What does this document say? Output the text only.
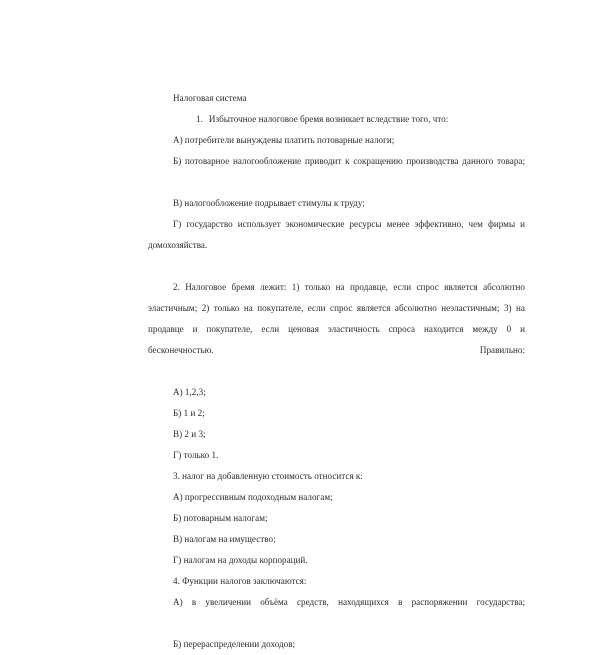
Налоговая система

1. Избыточное налоговое бремя возникает вследствие того, что:

А) потребители вынуждены платить потоварные налоги;

Б) потоварное налогообложение приводит к сокращению производства данного товара;

В) налогообложение подрывает стимулы к труду;

Г) государство использует экономические ресурсы менее эффективно, чем фирмы и домохозяйства.

2. Налоговое бремя лежит: 1) только на продавце, если спрос является абсолютно эластичным; 2) только на покупателе, если спрос является абсолютно неэластичным; 3) на продавце и покупателе, если ценовая эластичность спроса находится между 0 и бесконечностью. Правильно:

А) 1,2,3;

Б) 1 и 2;

В) 2 и 3;

Г) только 1.

3. налог на добавленную стоимость относится к:

А) прогрессивным подоходным налогам;

Б) потоварным налогам;

В) налогам на имущество;

Г) налогам на доходы корпораций.

4. Функции налогов заключаются:

А) в увеличении объёма средств, находящихся в распоряжении государства;

Б) перераспределении доходов;
